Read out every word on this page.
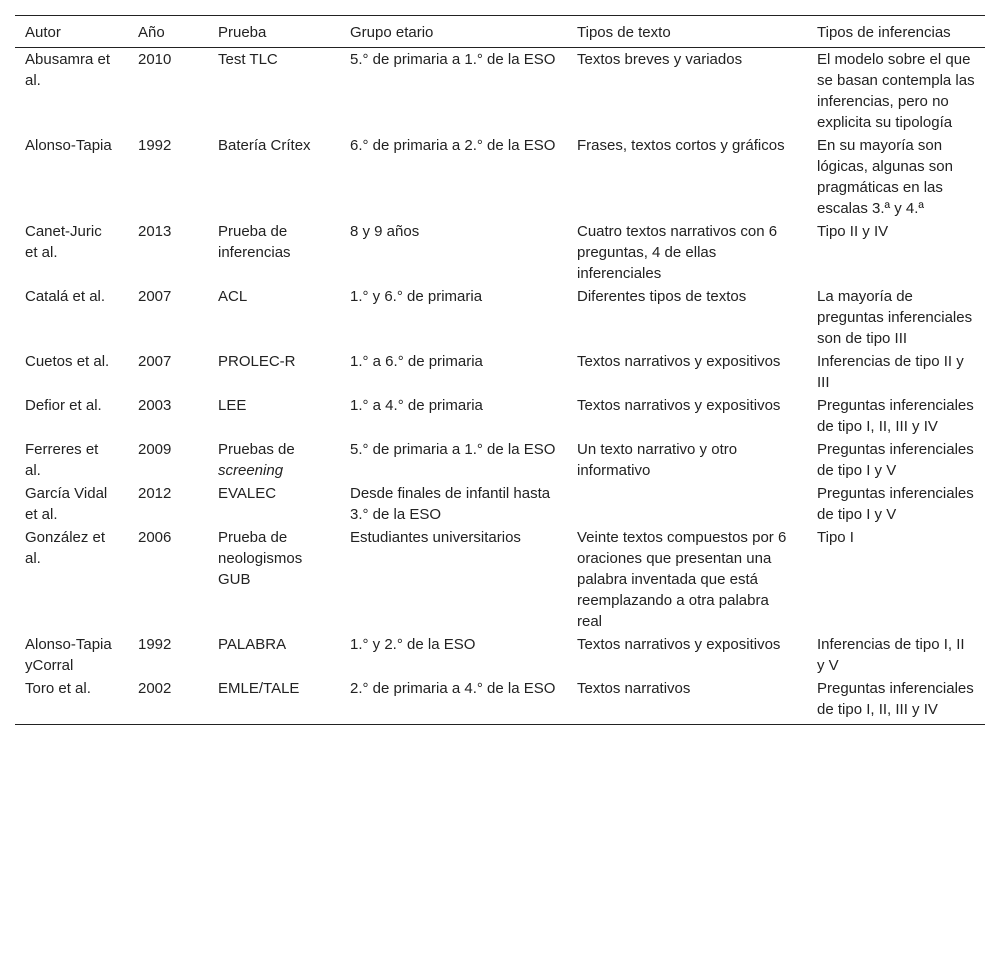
Autor	Año	Prueba	Grupo etario	Tipos de texto	Tipos de inferencias
Abusamra et al.	2010	Test TLC	5.° de primaria a 1.° de la ESO	Textos breves y variados	El modelo sobre el que se basan contempla las inferencias, pero no explicita su tipología
Alonso-Tapia	1992	Batería Crítex	6.° de primaria a 2.° de la ESO	Frases, textos cortos y gráficos	En su mayoría son lógicas, algunas son pragmáticas en las escalas 3.ª y 4.ª
Canet-Juric et al.	2013	Prueba de inferencias	8 y 9 años	Cuatro textos narrativos con 6 preguntas, 4 de ellas inferenciales	Tipo II y IV
Catalá et al.	2007	ACL	1.° y 6.° de primaria	Diferentes tipos de textos	La mayoría de preguntas inferenciales son de tipo III
Cuetos et al.	2007	PROLEC-R	1.° a 6.° de primaria	Textos narrativos y expositivos	Inferencias de tipo II y III
Defior et al.	2003	LEE	1.° a 4.° de primaria	Textos narrativos y expositivos	Preguntas inferenciales de tipo I, II, III y IV
Ferreres et al.	2009	Pruebas de screening	5.° de primaria a 1.° de la ESO	Un texto narrativo y otro informativo	Preguntas inferenciales de tipo I y V
García Vidal et al.	2012	EVALEC	Desde finales de infantil hasta 3.° de la ESO		Preguntas inferenciales de tipo I y V
González et al.	2006	Prueba de neologismos GUB	Estudiantes universitarios	Veinte textos compuestos por 6 oraciones que presentan una palabra inventada que está reemplazando a otra palabra real	Tipo I
Alonso-Tapia yCorral	1992	PALABRA	1.° y 2.° de la ESO	Textos narrativos y expositivos	Inferencias de tipo I, II y V
Toro et al.	2002	EMLE/TALE	2.° de primaria a 4.° de la ESO	Textos narrativos	Preguntas inferenciales de tipo I, II, III y IV
